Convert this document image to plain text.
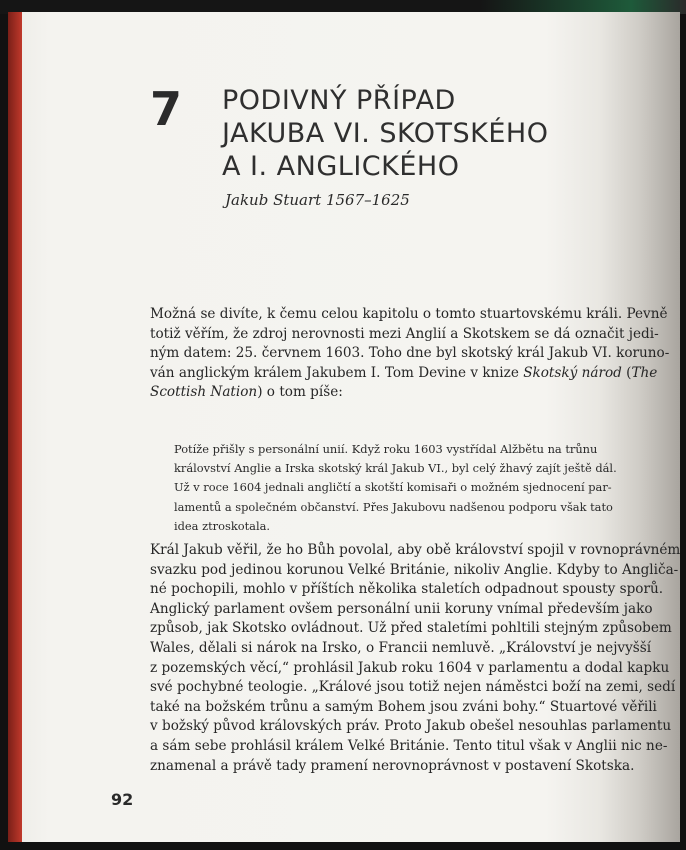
7 PODIVNÝ PŘÍPAD
JAKUBA VI. SKOTSKÉHO
A I. ANGLICKÉHO
Jakub Stuart 1567–1625
Možná se divíte, k čemu celou kapitolu o tomto stuartovskému králi. Pevně
totiž věřím, že zdroj nerovnosti mezi Anglií a Skotskem se dá označit jedi-
ným datem: 25. červnem 1603. Toho dne byl skotský král Jakub VI. koruno-
ván anglickým králem Jakubem I. Tom Devine v knize Skotský národ The
Scottish Nation) o tom píše:
Potíže přišly s personální unií. Když roku 1603 vystřídal Alžbětu na trůnu
království Anglie a Irska skotský král Jakub VI., byl celý žhavý zajít ještě dál.
Už v roce 1604 jednali angličtí a skotští komisaři o možném sjednocení par-
lamentů a společném občanství. Přes Jakubovu nadšenou podporu však tato
idea ztroskotala.
Král Jakub věřil, že ho Bůh povolal, aby obě království spojil v rovnoprávném
svazku pod jedinou korunou Velké Británie, nikoliv Anglie. Kdyby to Angliča-
né pochopili, mohlo v příštích několika staletích odpadnout spousty sporů.
Anglický parlament ovšem personální unii koruny vnímal především jako
způsob, jak Skotsko ovládnout. Už před staletími pohltili stejným způsobem
Wales, dělali si nárok na Irsko, o Francii nemluvě. „Království je nejvyšší
z pozemských věcí,“ prohlásil Jakub roku 1604 v parlamentu a dodal kapku
své pochybné teologie. „Králové jsou totiž nejen náměstci boží na zemi, sedí
také na božském trůnu a samým Bohem jsou zváni bohy.“ Stuartové věřili
v božský původ královských práv. Proto Jakub obešel nesouhlas parlamentu
a sám sebe prohlásil králem Velké Británie. Tento titul však v Anglii nic ne-
znamenal a právě tady pramení nerovnoprávnost v postavení Skotska.
92
